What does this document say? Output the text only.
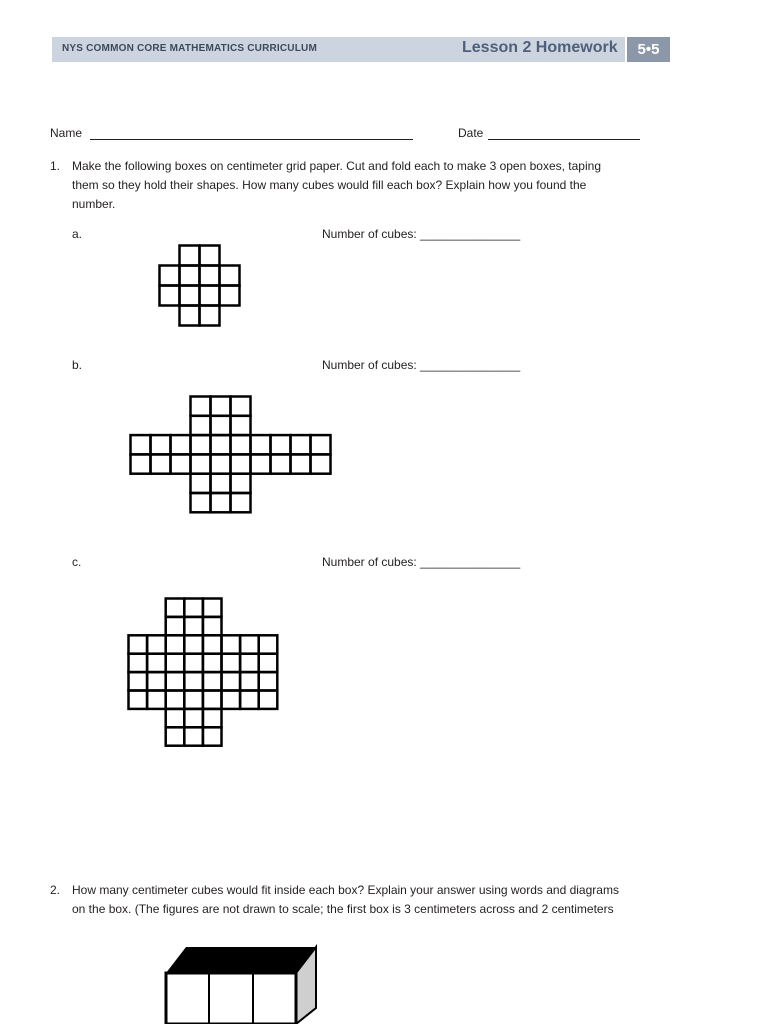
NYS COMMON CORE MATHEMATICS CURRICULUM	Lesson 2 Homework	5•5
Name	Date
1. Make the following boxes on centimeter grid paper. Cut and fold each to make 3 open boxes, taping
them so they hold their shapes. How many cubes would fill each box? Explain how you found the
number.
a.	Number of cubes: _______________
b.	Number of cubes: _______________
c.	Number of cubes: _______________
2. How many centimeter cubes would fit inside each box? Explain your answer using words and diagrams
on the box. (The figures are not drawn to scale; the first box is 3 centimeters across and 2 centimeters
